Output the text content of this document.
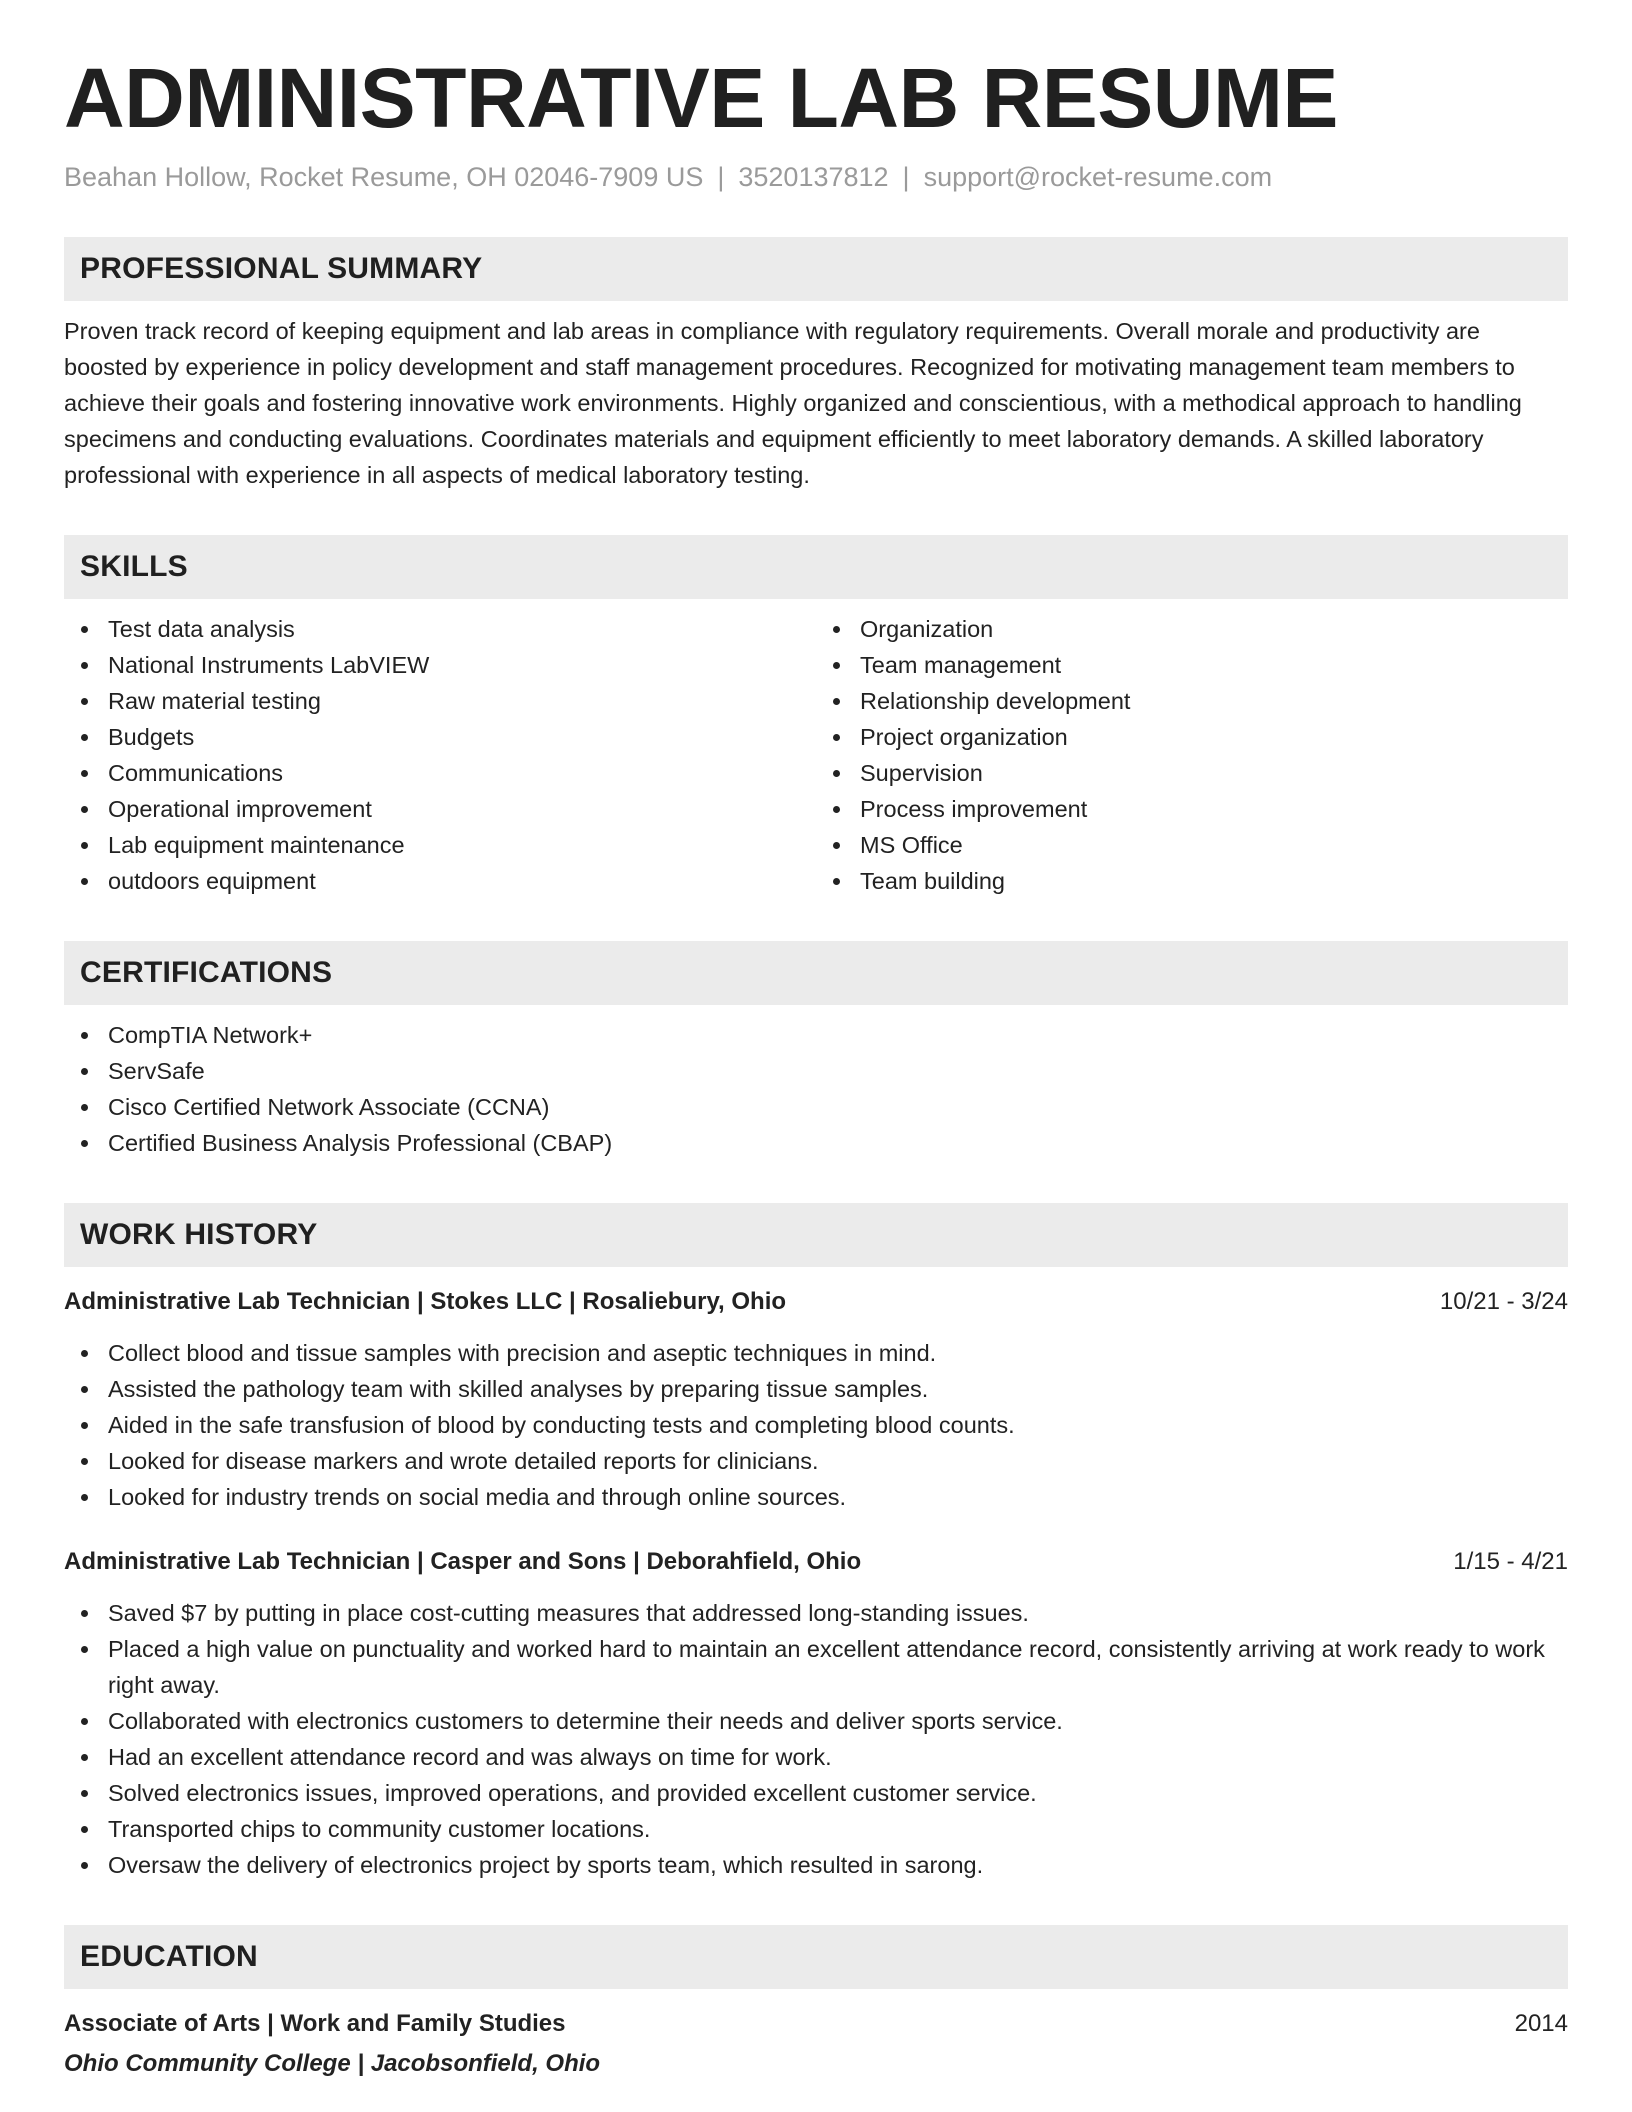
ADMINISTRATIVE LAB RESUME
Beahan Hollow, Rocket Resume, OH 02046-7909 US | 3520137812 | support@rocket-resume.com
PROFESSIONAL SUMMARY

Proven track record of keeping equipment and lab areas in compliance with regulatory requirements. Overall morale and productivity are boosted by experience in policy development and staff management procedures. Recognized for motivating management team members to achieve their goals and fostering innovative work environments. Highly organized and conscientious, with a methodical approach to handling specimens and conducting evaluations. Coordinates materials and equipment efficiently to meet laboratory demands. A skilled laboratory professional with experience in all aspects of medical laboratory testing.

SKILLS
Test data analysis
National Instruments LabVIEW
Raw material testing
Budgets
Communications
Operational improvement
Lab equipment maintenance
outdoors equipment
Organization
Team management
Relationship development
Project organization
Supervision
Process improvement
MS Office
Team building
CERTIFICATIONS
CompTIA Network+
ServSafe
Cisco Certified Network Associate (CCNA)
Certified Business Analysis Professional (CBAP)
WORK HISTORY
Administrative Lab Technician | Stokes LLC | Rosaliebury, Ohio	10/21 - 3/24
Collect blood and tissue samples with precision and aseptic techniques in mind.
Assisted the pathology team with skilled analyses by preparing tissue samples.
Aided in the safe transfusion of blood by conducting tests and completing blood counts.
Looked for disease markers and wrote detailed reports for clinicians.
Looked for industry trends on social media and through online sources.
Administrative Lab Technician | Casper and Sons | Deborahfield, Ohio	1/15 - 4/21
Saved $7 by putting in place cost-cutting measures that addressed long-standing issues.
Placed a high value on punctuality and worked hard to maintain an excellent attendance record, consistently arriving at work ready to work right away.
Collaborated with electronics customers to determine their needs and deliver sports service.
Had an excellent attendance record and was always on time for work.
Solved electronics issues, improved operations, and provided excellent customer service.
Transported chips to community customer locations.
Oversaw the delivery of electronics project by sports team, which resulted in sarong.
EDUCATION
Associate of Arts | Work and Family Studies	2014
Ohio Community College | Jacobsonfield, Ohio
